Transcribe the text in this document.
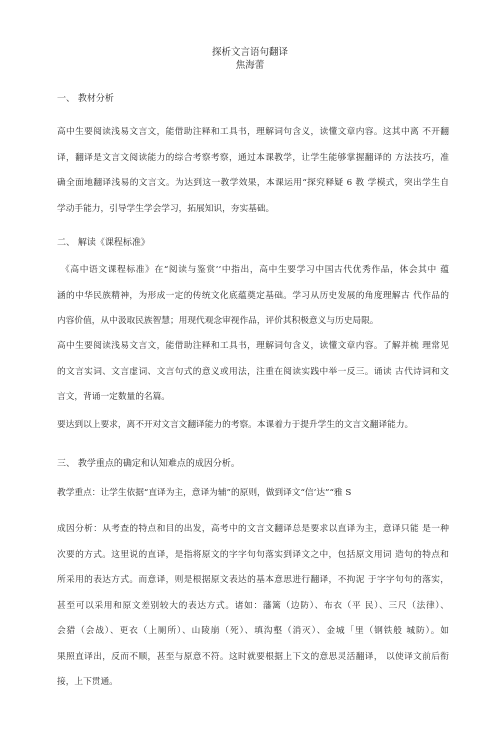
探析文言语句翻译
焦海蕾
一、 教材分析
高中生要阅读浅易文言文，能借助注释和工具书，理解词句含义，读懂文章内容。这其中离 不开翻
译，翻译是文言文阅读能力的综合考察考察，通过本课教学，让学生能够掌握翻译的 方法技巧，准
确全面地翻译浅易的文言文。为达到这一教学效果，本课运用“探究释疑 6 教 学模式，突出学生自
学动手能力，引导学生学会学习，拓展知识，夯实基础。
二、 解读《课程标准》
《高中语文课程标准》在“阅读与鉴赏’’中指出，高中生要学习中国古代优秀作品，体会其中 蕴
涵的中华民族精神，为形成一定的传统文化底蕴奠定基础。学习从历史发展的角度理解古 代作品的
内容价值，从中汲取民族智慧；用现代观念审视作品，评价其积极意义与历史局限。
高中生要阅读浅易文言文，能借助注释和工具书，理解词句含义，读懂文章内容。了解并梳 理常见
的文言实词、文言虚词、文言句式的意义或用法，注重在阅读实践中举一反三。诵读 古代诗词和文
言文，背诵一定数量的名篇。
要达到以上要求，离不开对文言文翻译能力的考察。本课着力于提升学生的文言文翻译能力。
三、 教学重点的确定和认知难点的成因分析。
教学重点：让学生依据“直译为主，意译为辅”的原则，做到译文“信’达”“雅 S
成因分析：从考查的特点和目的出发，高考中的文言文翻译总是要求以直译为主，意译只能 是一种
次要的方式。这里说的直译，是指将原文的字字句句落实到译文之中，包括原文用词 造句的特点和
所采用的表达方式。而意译，则是根据原文表达的基本意思进行翻译，不拘泥 于字字句句的落实，
甚至可以采用和原文差别较大的表达方式。诸如：藩篱（边防）、布衣（平 民）、三尺（法律）、
会猎（会战）、更衣（上厕所）、山陵崩（死）、填沟壑（消灭）、金城「里（钢铁般 城防）。如
果照直译出，反而不顺，甚至与原意不符。这时就要根据上下文的意思灵活翻译， 以使译文前后衔
接，上下贯通。
